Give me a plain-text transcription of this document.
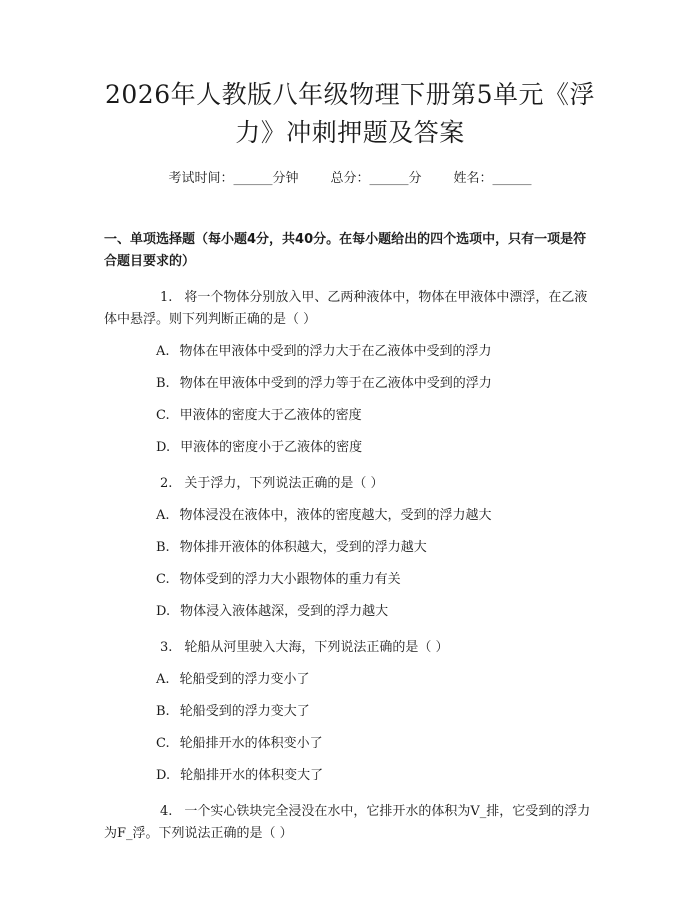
2026年人教版八年级物理下册第5单元《浮
力》冲刺押题及答案
考试时间：______分钟 总分：______分 姓名：______
一、单项选择题（每小题4分，共40分。在每小题给出的四个选项中，只有一项是符合题目要求的）
1. 将一个物体分别放入甲、乙两种液体中，物体在甲液体中漂浮，在乙液体中悬浮。则下列判断正确的是（ ）
A. 物体在甲液体中受到的浮力大于在乙液体中受到的浮力
B. 物体在甲液体中受到的浮力等于在乙液体中受到的浮力
C. 甲液体的密度大于乙液体的密度
D. 甲液体的密度小于乙液体的密度
2. 关于浮力，下列说法正确的是（ ）
A. 物体浸没在液体中，液体的密度越大，受到的浮力越大
B. 物体排开液体的体积越大，受到的浮力越大
C. 物体受到的浮力大小跟物体的重力有关
D. 物体浸入液体越深，受到的浮力越大
3. 轮船从河里驶入大海，下列说法正确的是（ ）
A. 轮船受到的浮力变小了
B. 轮船受到的浮力变大了
C. 轮船排开水的体积变小了
D. 轮船排开水的体积变大了
4. 一个实心铁块完全浸没在水中，它排开水的体积为V_排，它受到的浮力为F_浮。下列说法正确的是（ ）
